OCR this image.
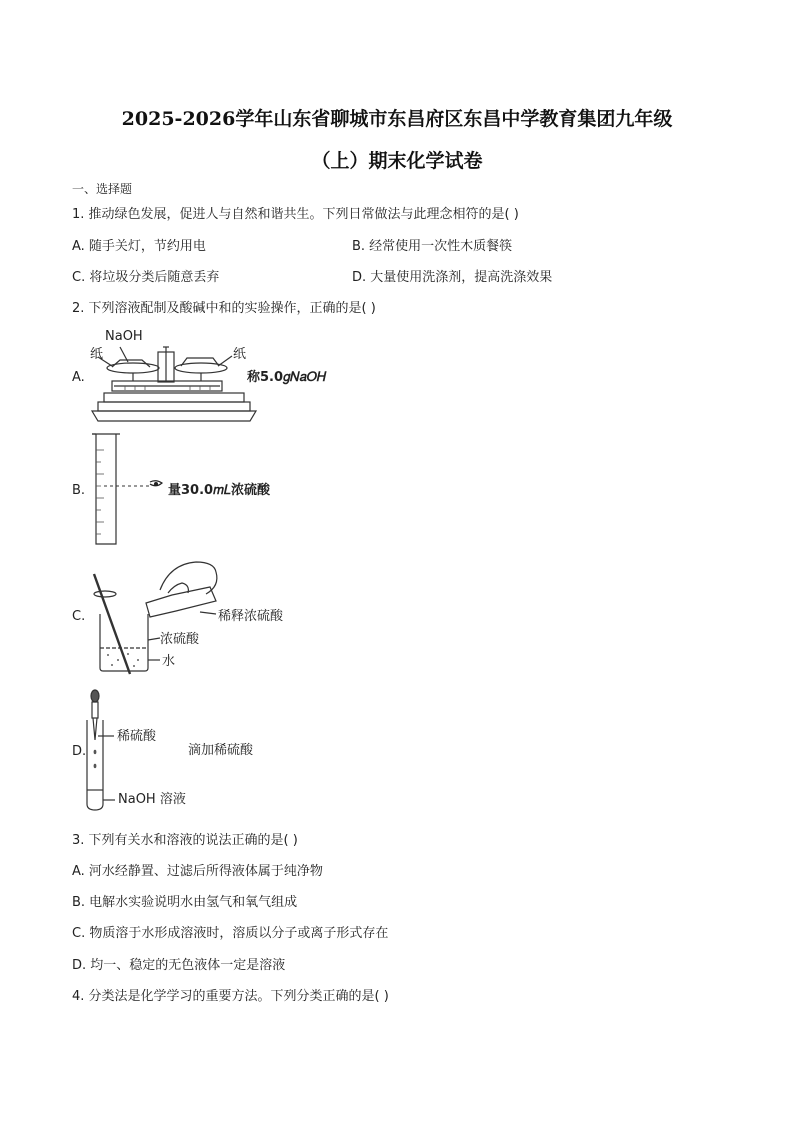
2025-2026学年山东省聊城市东昌府区东昌中学教育集团九年级
（上）期末化学试卷
一、选择题
1. 推动绿色发展，促进人与自然和谐共生。下列日常做法与此理念相符的是( )
A. 随手关灯，节约用电	B. 经常使用一次性木质餐筷
C. 将垃圾分类后随意丢弃	D. 大量使用洗涤剂，提高洗涤效果
2. 下列溶液配制及酸碱中和的实验操作，正确的是( )
A.
NaOH
纸	纸
称5.0𝑔𝑁𝑎𝑂𝐻
B.	量30.0𝑚𝐿浓硫酸
C.	稀释浓硫酸
浓硫酸
水
D.
稀硫酸
滴加稀硫酸
NaOH 溶液
3. 下列有关水和溶液的说法正确的是( )
A. 河水经静置、过滤后所得液体属于纯净物
B. 电解水实验说明水由氢气和氧气组成
C. 物质溶于水形成溶液时，溶质以分子或离子形式存在
D. 均一、稳定的无色液体一定是溶液
4. 分类法是化学学习的重要方法。下列分类正确的是( )
